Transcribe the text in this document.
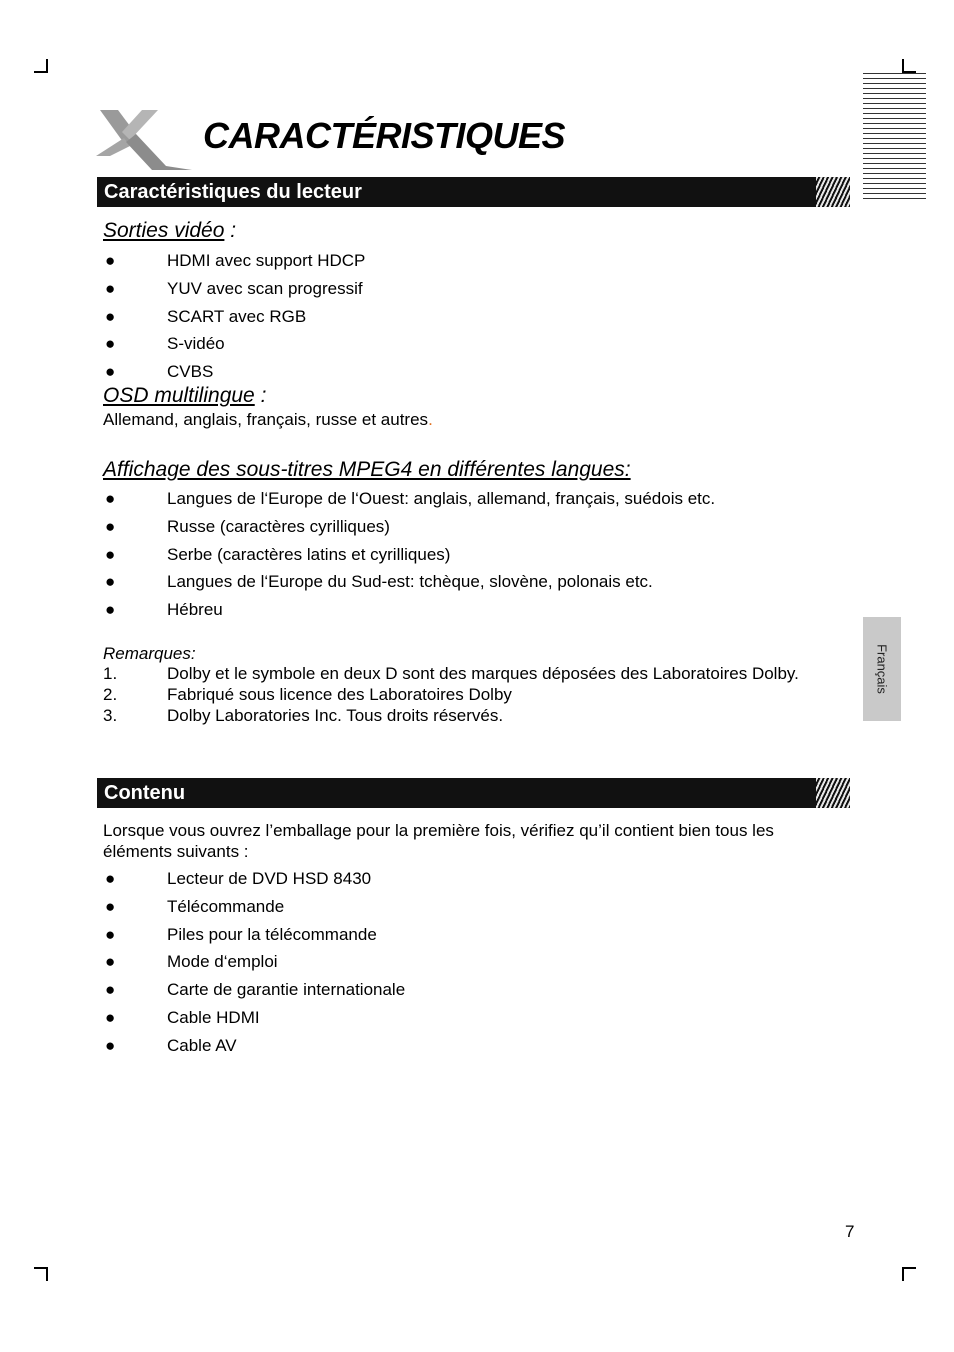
CARACTÉRISTIQUES
Caractéristiques du lecteur
Sorties vidéo :
●	HDMI avec support HDCP
●	YUV avec scan progressif
●	SCART avec RGB
●	S-vidéo
●	CVBS
OSD multilingue :
Allemand, anglais, français, russe et autres.
Affichage des sous-titres MPEG4 en différentes langues:
●	Langues de l‘Europe de l‘Ouest: anglais, allemand, français, suédois etc.
●	Russe (caractères cyrilliques)
●	Serbe (caractères latins et cyrilliques)
●	Langues de l‘Europe du Sud-est: tchèque, slovène, polonais etc.
●	Hébreu
Remarques:
1.	Dolby et le symbole en deux D sont des marques déposées des Laboratoires Dolby.
2.	Fabriqué sous licence des Laboratoires Dolby
3.	Dolby Laboratories Inc. Tous droits réservés.
Français
Contenu
Lorsque vous ouvrez l’emballage pour la première fois, vérifiez qu’il contient bien tous les éléments suivants :
●	Lecteur de DVD HSD 8430
●	Télécommande
●	Piles pour la télécommande
●	Mode d‘emploi
●	Carte de garantie internationale
●	Cable HDMI
●	Cable AV
7
